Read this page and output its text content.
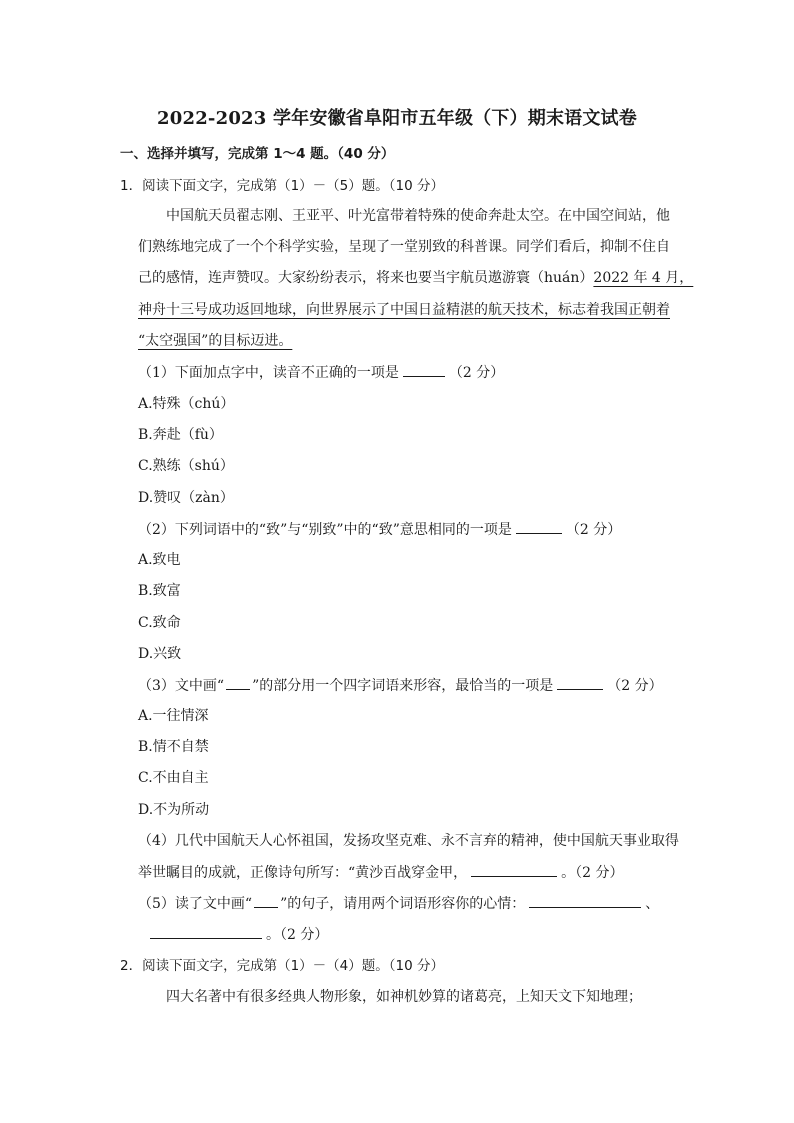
2022-2023 学年安徽省阜阳市五年级（下）期末语文试卷
一、选择并填写，完成第 1～4 题。（40 分）
1．阅读下面文字，完成第（1）－（5）题。（10 分）
中国航天员翟志刚、王亚平、叶光富带着特殊的使命奔赴太空。在中国空间站，他
们熟练地完成了一个个科学实验，呈现了一堂别致的科普课。同学们看后，抑制不住自
己的感情，连声赞叹。大家纷纷表示，将来也要当宇航员遨游寰（huán）2022 年 4 月，
神舟十三号成功返回地球，向世界展示了中国日益精湛的航天技术，标志着我国正朝着
“太空强国”的目标迈进。
（1）下面加点字中，读音不正确的一项是	（2 分）
A.特殊（chú）
B.奔赴（fù）
C.熟练（shú）
D.赞叹（zàn）
（2）下列词语中的“致”与“别致”中的“致”意思相同的一项是	（2 分）
A.致电
B.致富
C.致命
D.兴致
（3）文中画“ ”的部分用一个四字词语来形容，最恰当的一项是	（2 分）
A.一往情深
B.情不自禁
C.不由自主
D.不为所动
（4）几代中国航天人心怀祖国，发扬攻坚克难、永不言弃的精神，使中国航天事业取得
举世瞩目的成就，正像诗句所写：“黄沙百战穿金甲，	。（2 分）
（5）读了文中画“ ”的句子，请用两个词语形容你的心情：	、
。（2 分）
2．阅读下面文字，完成第（1）－（4）题。（10 分）
四大名著中有很多经典人物形象，如神机妙算的诸葛亮，上知天文下知地理；
